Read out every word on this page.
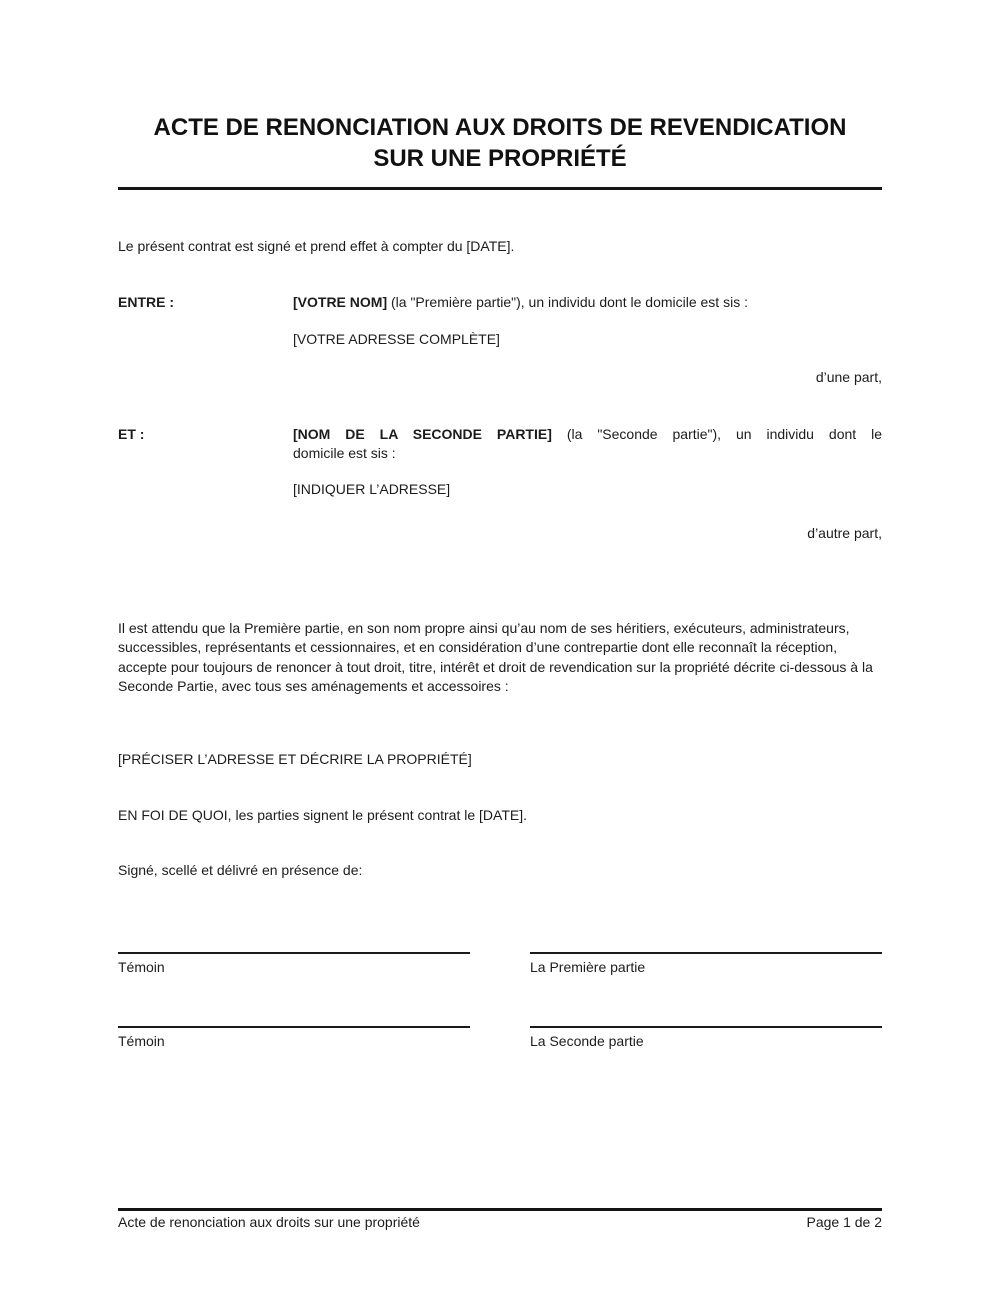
ACTE DE RENONCIATION AUX DROITS DE REVENDICATION
SUR UNE PROPRIÉTÉ
Le présent contrat est signé et prend effet à compter du [DATE].
ENTRE :	[VOTRE NOM] (la "Première partie"), un individu dont le domicile est sis :
[VOTRE ADRESSE COMPLÈTE]
d’une part,
ET :	[NOM DE LA SECONDE PARTIE] (la "Seconde partie"), un individu dont le
domicile est sis :
[INDIQUER L’ADRESSE]
d’autre part,
Il est attendu que la Première partie, en son nom propre ainsi qu’au nom de ses héritiers, exécuteurs, administrateurs, successibles, représentants et cessionnaires, et en considération d’une contrepartie dont elle reconnaît la réception, accepte pour toujours de renoncer à tout droit, titre, intérêt et droit de revendication sur la propriété décrite ci-dessous à la Seconde Partie, avec tous ses aménagements et accessoires :
[PRÉCISER L’ADRESSE ET DÉCRIRE LA PROPRIÉTÉ]
EN FOI DE QUOI, les parties signent le présent contrat le [DATE].
Signé, scellé et délivré en présence de:
Témoin	La Première partie
Témoin	La Seconde partie
Acte de renonciation aux droits sur une propriété	Page 1 de 2
